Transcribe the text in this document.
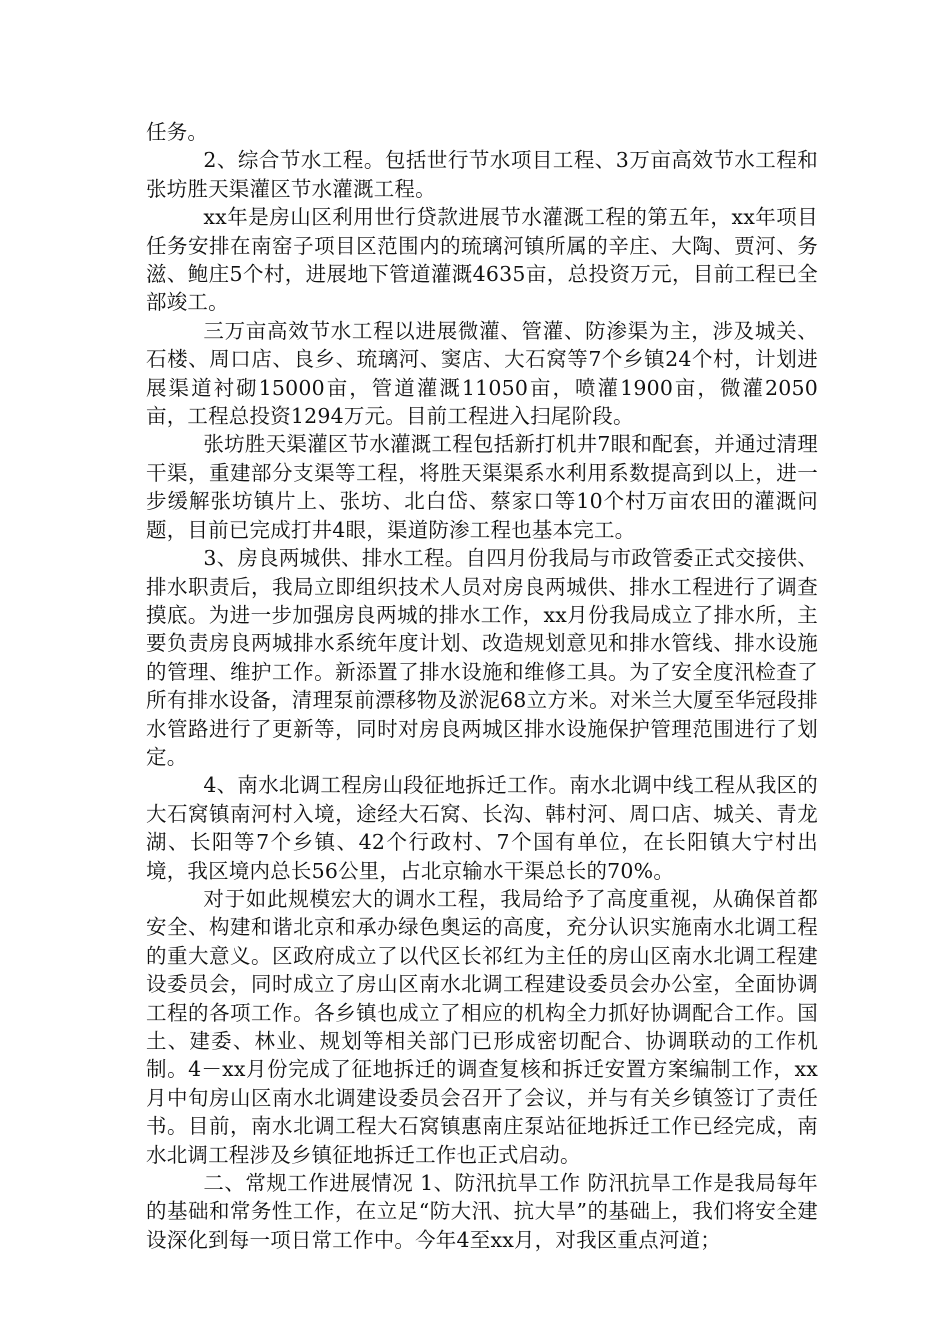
任务。

2、综合节水工程。包括世行节水项目工程、3万亩高效节水工程和张坊胜天渠灌区节水灌溉工程。

xx年是房山区利用世行贷款进展节水灌溉工程的第五年，xx年项目任务安排在南窑子项目区范围内的琉璃河镇所属的辛庄、大陶、贾河、务滋、鲍庄5个村，进展地下管道灌溉4635亩，总投资万元，目前工程已全部竣工。

三万亩高效节水工程以进展微灌、管灌、防渗渠为主，涉及城关、石楼、周口店、良乡、琉璃河、窦店、大石窝等7个乡镇24个村，计划进展渠道衬砌15000亩，管道灌溉11050亩，喷灌1900亩，微灌2050亩，工程总投资1294万元。目前工程进入扫尾阶段。

张坊胜天渠灌区节水灌溉工程包括新打机井7眼和配套，并通过清理干渠，重建部分支渠等工程，将胜天渠渠系水利用系数提高到以上，进一步缓解张坊镇片上、张坊、北白岱、蔡家口等10个村万亩农田的灌溉问题，目前已完成打井4眼，渠道防渗工程也基本完工。

3、房良两城供、排水工程。自四月份我局与市政管委正式交接供、排水职责后，我局立即组织技术人员对房良两城供、排水工程进行了调查摸底。为进一步加强房良两城的排水工作，xx月份我局成立了排水所，主要负责房良两城排水系统年度计划、改造规划意见和排水管线、排水设施的管理、维护工作。新添置了排水设施和维修工具。为了安全度汛检查了所有排水设备，清理泵前漂移物及淤泥68立方米。对米兰大厦至华冠段排水管路进行了更新等，同时对房良两城区排水设施保护管理范围进行了划定。

4、南水北调工程房山段征地拆迁工作。南水北调中线工程从我区的大石窝镇南河村入境，途经大石窝、长沟、韩村河、周口店、城关、青龙湖、长阳等7个乡镇、42个行政村、7个国有单位，在长阳镇大宁村出境，我区境内总长56公里，占北京输水干渠总长的70%。

对于如此规模宏大的调水工程，我局给予了高度重视，从确保首都安全、构建和谐北京和承办绿色奥运的高度，充分认识实施南水北调工程的重大意义。区政府成立了以代区长祁红为主任的房山区南水北调工程建设委员会，同时成立了房山区南水北调工程建设委员会办公室，全面协调工程的各项工作。各乡镇也成立了相应的机构全力抓好协调配合工作。国土、建委、林业、规划等相关部门已形成密切配合、协调联动的工作机制。4－xx月份完成了征地拆迁的调查复核和拆迁安置方案编制工作，xx月中旬房山区南水北调建设委员会召开了会议，并与有关乡镇签订了责任书。目前，南水北调工程大石窝镇惠南庄泵站征地拆迁工作已经完成，南水北调工程涉及乡镇征地拆迁工作也正式启动。

二、常规工作进展情况 1、防汛抗旱工作 防汛抗旱工作是我局每年的基础和常务性工作，在立足“防大汛、抗大旱”的基础上，我们将安全建设深化到每一项日常工作中。今年4至xx月，对我区重点河道；
